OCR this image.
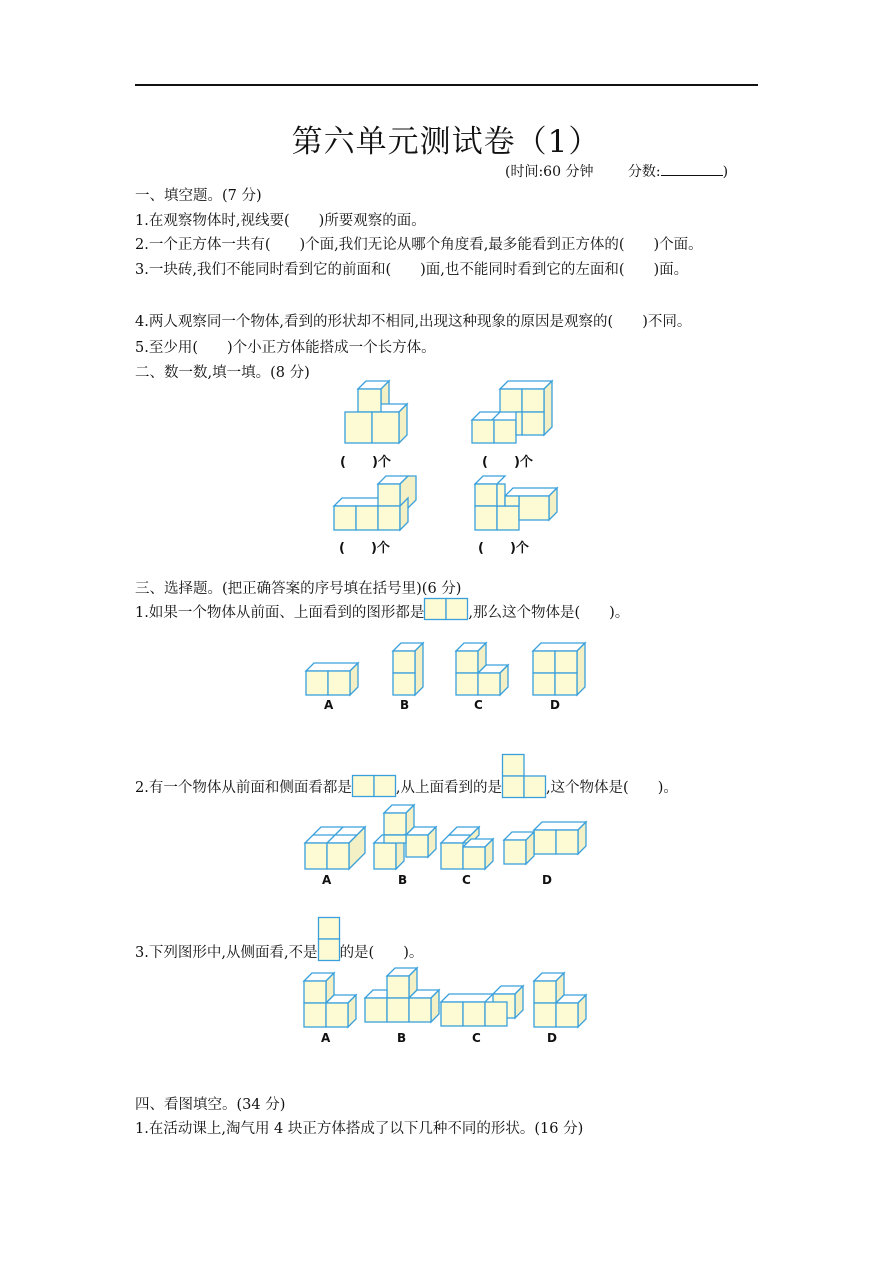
第六单元测试卷（1）
(时间:60 分钟 分数:	)
一、填空题。(7 分)
1.在观察物体时,视线要(　　)所要观察的面。
2.一个正方体一共有(　　)个面,我们无论从哪个角度看,最多能看到正方体的(　　)个面。
3.一块砖,我们不能同时看到它的前面和(　　)面,也不能同时看到它的左面和(　　)面。
4.两人观察同一个物体,看到的形状却不相同,出现这种现象的原因是观察的(　　)不同。
5.至少用(　　)个小正方体能搭成一个长方体。
二、数一数,填一填。(8 分)
(　　)个	(　　)个
(　　)个	(　　)个
三、选择题。(把正确答案的序号填在括号里)(6 分)
1.如果一个物体从前面、上面看到的图形都是	,那么这个物体是(　　)。
A	B	C	D
2.有一个物体从前面和侧面看都是	,从上面看到的是	,这个物体是(　　)。
A	B	C	D
3.下列图形中,从侧面看,不是 的是(　　)。
A	B	C	D
四、看图填空。(34 分)
1.在活动课上,淘气用 4 块正方体搭成了以下几种不同的形状。(16 分)
